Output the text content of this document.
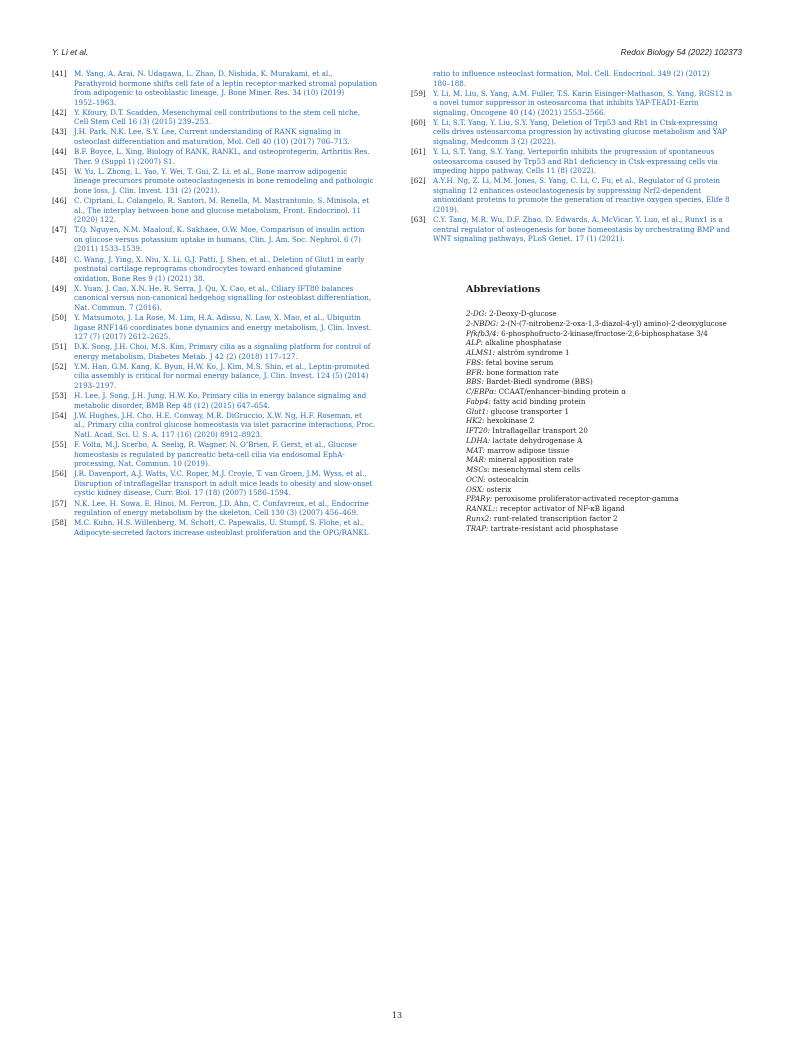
Y. Li et al.	Redox Biology 54 (2022) 102373
[41] M. Yang, A. Arai, N. Udagawa, L. Zhao, D. Nishida, K. Murakami, et al.,
Parathyroid hormone shifts cell fate of a leptin receptor-marked stromal population
from adipogenic to osteoblastic lineage, J. Bone Miner. Res. 34 (10) (2019)
1952–1963.
[42] Y. Kfoury, D.T. Scadden, Mesenchymal cell contributions to the stem cell niche,
Cell Stem Cell 16 (3) (2015) 239–253.
[43] J.H. Park, N.K. Lee, S.Y. Lee, Current understanding of RANK signaling in
osteoclast differentiation and maturation, Mol. Cell 40 (10) (2017) 706–713.
[44] B.F. Boyce, L. Xing, Biology of RANK, RANKL, and osteoprotegerin, Arthritis Res.
Ther. 9 (Suppl 1) (2007) S1.
[45] W. Yu, L. Zhong, L. Yao, Y. Wei, T. Gui, Z. Li, et al., Bone marrow adipogenic
lineage precursors promote osteoclastogenesis in bone remodeling and pathologic
bone loss, J. Clin. Invest. 131 (2) (2021).
[46] C. Cipriani, L. Colangelo, R. Santori, M. Renella, M. Mastrantonio, S. Minisola, et
al., The interplay between bone and glucose metabolism, Front. Endocrinol. 11
(2020) 122.
[47] T.Q. Nguyen, N.M. Maalouf, K. Sakhaee, O.W. Moe, Comparison of insulin action
on glucose versus potassium uptake in humans, Clin. J. Am. Soc. Nephrol. 6 (7)
(2011) 1533–1539.
[48] C. Wang, J. Ying, X. Niu, X. Li, G.J. Patti, J. Shen, et al., Deletion of Glut1 in early
postnatal cartilage reprograms chondrocytes toward enhanced glutamine
oxidation, Bone Res 9 (1) (2021) 38.
[49] X. Yuan, J. Cao, X.N. He, R. Serra, J. Qu, X. Cao, et al., Ciliary IFT80 balances
canonical versus non-canonical hedgehog signalling for osteoblast differentiation,
Nat. Commun. 7 (2016).
[50] Y. Matsumoto, J. La Rose, M. Lim, H.A. Adissu, N. Law, X. Mao, et al., Ubiquitin
ligase RNF146 coordinates bone dynamics and energy metabolism, J. Clin. Invest.
127 (7) (2017) 2612–2625.
[51] D.K. Song, J.H. Choi, M.S. Kim, Primary cilia as a signaling platform for control of
energy metabolism, Diabetes Metab. J 42 (2) (2018) 117–127.
[52] Y.M. Han, G.M. Kang, K. Byun, H.W. Ko, J. Kim, M.S. Shin, et al., Leptin-promoted
cilia assembly is critical for normal energy balance, J. Clin. Invest. 124 (5) (2014)
2193–2197.
[53] H. Lee, J. Song, J.H. Jung, H.W. Ko, Primary cilia in energy balance signaling and
metabolic disorder, BMB Rep 48 (12) (2015) 647–654.
[54] J.W. Hughes, J.H. Cho, H.E. Conway, M.R. DiGruccio, X.W. Ng, H.F. Roseman, et
al., Primary cilia control glucose homeostasis via islet paracrine interactions, Proc.
Natl. Acad. Sci. U. S. A. 117 (16) (2020) 8912–8923.
[55] F. Volta, M.J. Scerbo, A. Seelig, R. Wagner, N. O’Brien, F. Gerst, et al., Glucose
homeostasis is regulated by pancreatic beta-cell cilia via endosomal EphA-
processing, Nat. Commun. 10 (2019).
[56] J.R. Davenport, A.J. Watts, V.C. Roper, M.J. Croyle, T. van Groen, J.M. Wyss, et al.,
Disruption of intraflagellar transport in adult mice leads to obesity and slow-onset
cystic kidney disease, Curr. Biol. 17 (18) (2007) 1586–1594.
[57] N.K. Lee, H. Sowa, E. Hinoi, M. Ferron, J.D. Ahn, C. Confavreux, et al., Endocrine
regulation of energy metabolism by the skeleton, Cell 130 (3) (2007) 456–469.
[58] M.C. Kuhn, H.S. Willenberg, M. Schott, C. Papewalis, U. Stumpf, S. Flohe, et al.,
Adipocyte-secreted factors increase osteoblast proliferation and the OPG/RANKL
ratio to influence osteoclast formation, Mol. Cell. Endocrinol. 349 (2) (2012)
180–188.
[59] Y. Li, M. Liu, S. Yang, A.M. Fuller, T.S. Karin Eisinger-Mathason, S. Yang, RGS12 is
a novel tumor suppressor in osteosarcoma that inhibits YAP-TEAD1-Ezrin
signaling, Oncogene 40 (14) (2021) 2553–2566.
[60] Y. Li, S.T. Yang, Y. Liu, S.Y. Yang, Deletion of Trp53 and Rb1 in Ctsk-expressing
cells drives osteosarcoma progression by activating glucose metabolism and YAP
signaling, Medcomm 3 (2) (2022).
[61] Y. Li, S.T. Yang, S.Y. Yang, Verteporfin inhibits the progression of spontaneous
osteosarcoma caused by Trp53 and Rb1 deficiency in Ctsk-expressing cells via
impeding hippo pathway, Cells 11 (8) (2022).
[62] A.Y.H. Ng, Z. Li, M.M. Jones, S. Yang, C. Li, C. Fu, et al., Regulator of G protein
signaling 12 enhances osteoclastogenesis by suppressing Nrf2-dependent
antioxidant proteins to promote the generation of reactive oxygen species, Elife 8
(2019).
[63] C.Y. Tang, M.R. Wu, D.F. Zhao, D. Edwards, A. McVicar, Y. Luo, et al., Runx1 is a
central regulator of osteogenesis for bone homeostasis by orchestrating BMP and
WNT signaling pathways, PLoS Genet. 17 (1) (2021).
Abbreviations
2-DG: 2-Deoxy-D-glucose
2-NBDG: 2-(N-(7-nitrobenz-2-oxa-1,3-diazol-4-yl) amino)-2-deoxyglucose
Pfkfb3/4: 6-phosphofructo-2-kinase/fructose-2,6-biphosphatase 3/4
ALP: alkaline phosphatase
ALMS1: alström syndrome 1
FBS: fetal bovine serum
BFR: bone formation rate
BBS: Bardet-Biedl syndrome (BBS)
C/EBPα: CCAAT/enhancer-binding protein α
Fabp4: fatty acid binding protein
Glut1: glucose transporter 1
HK2: hexokinase 2
IFT20: Intraflagellar transport 20
LDHA: lactate dehydrogenase A
MAT: marrow adipose tissue
MAR: mineral apposition rate
MSCs: mesenchymal stem cells
OCN: osteocalcin
OSX: osterix
PPARγ: peroxisome proliferator-activated receptor-gamma
RANKL:: receptor activator of NF-κB ligand
Runx2: runt-related transcription factor 2
TRAP: tartrate-resistant acid phosphatase
13
